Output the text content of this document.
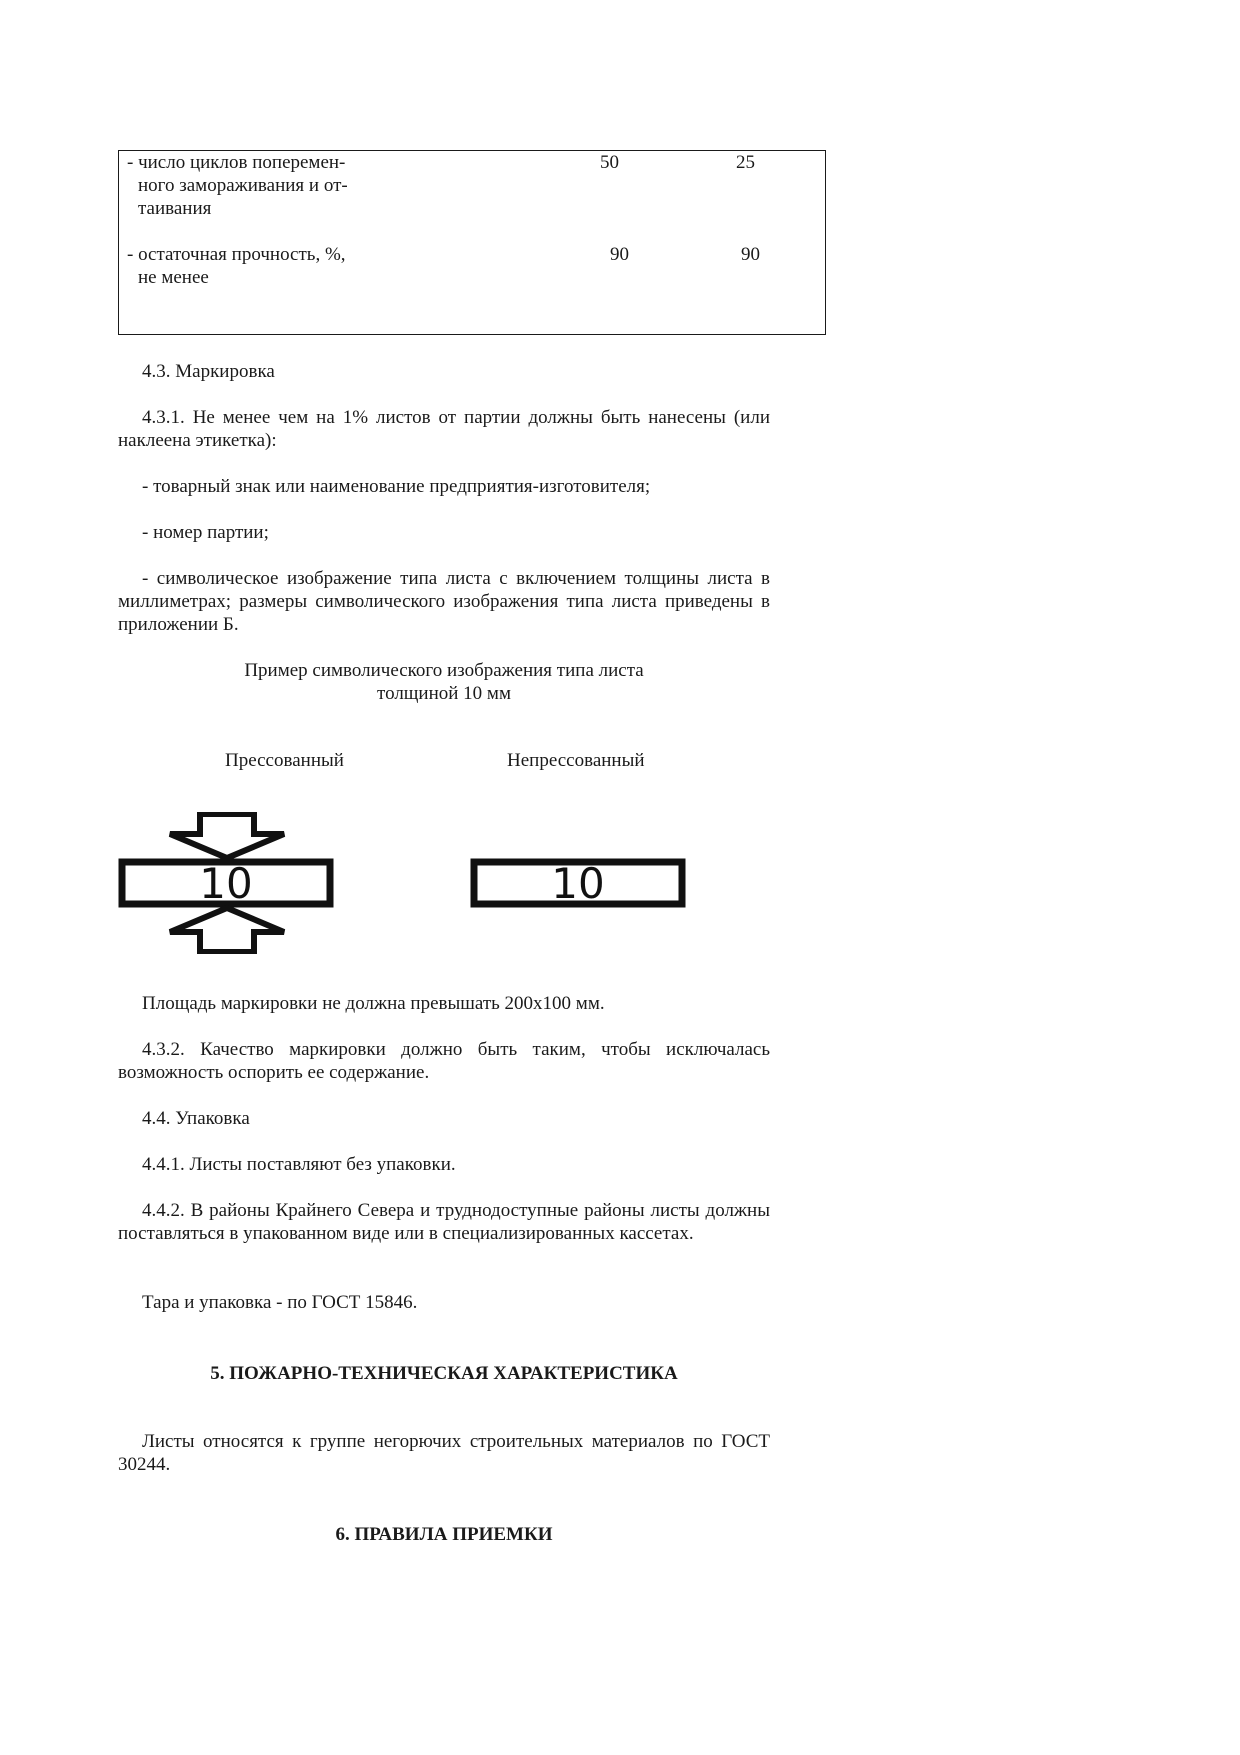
- число циклов поперемен-
ного замораживания и от-
таивания
50	25
- остаточная прочность, %,
не менее
90	90
4.3. Маркировка
4.3.1. Не менее чем на 1% листов от партии должны быть нанесены (или наклеена этикетка):
- товарный знак или наименование предприятия-изготовителя;
- номер партии;
- символическое изображение типа листа с включением толщины листа в миллиметрах; размеры символического изображения типа листа приведены в приложении Б.
Пример символического изображения типа листа
толщиной 10 мм
Прессованный	Непрессованный
10	10
Площадь маркировки не должна превышать 200х100 мм.
4.3.2. Качество маркировки должно быть таким, чтобы исключалась возможность оспорить ее содержание.
4.4. Упаковка
4.4.1. Листы поставляют без упаковки.
4.4.2. В районы Крайнего Севера и труднодоступные районы листы должны поставляться в упакованном виде или в специализированных кассетах.
Тара и упаковка - по ГОСТ 15846.
5. ПОЖАРНО-ТЕХНИЧЕСКАЯ ХАРАКТЕРИСТИКА
Листы относятся к группе негорючих строительных материалов по ГОСТ 30244.
6. ПРАВИЛА ПРИЕМКИ
